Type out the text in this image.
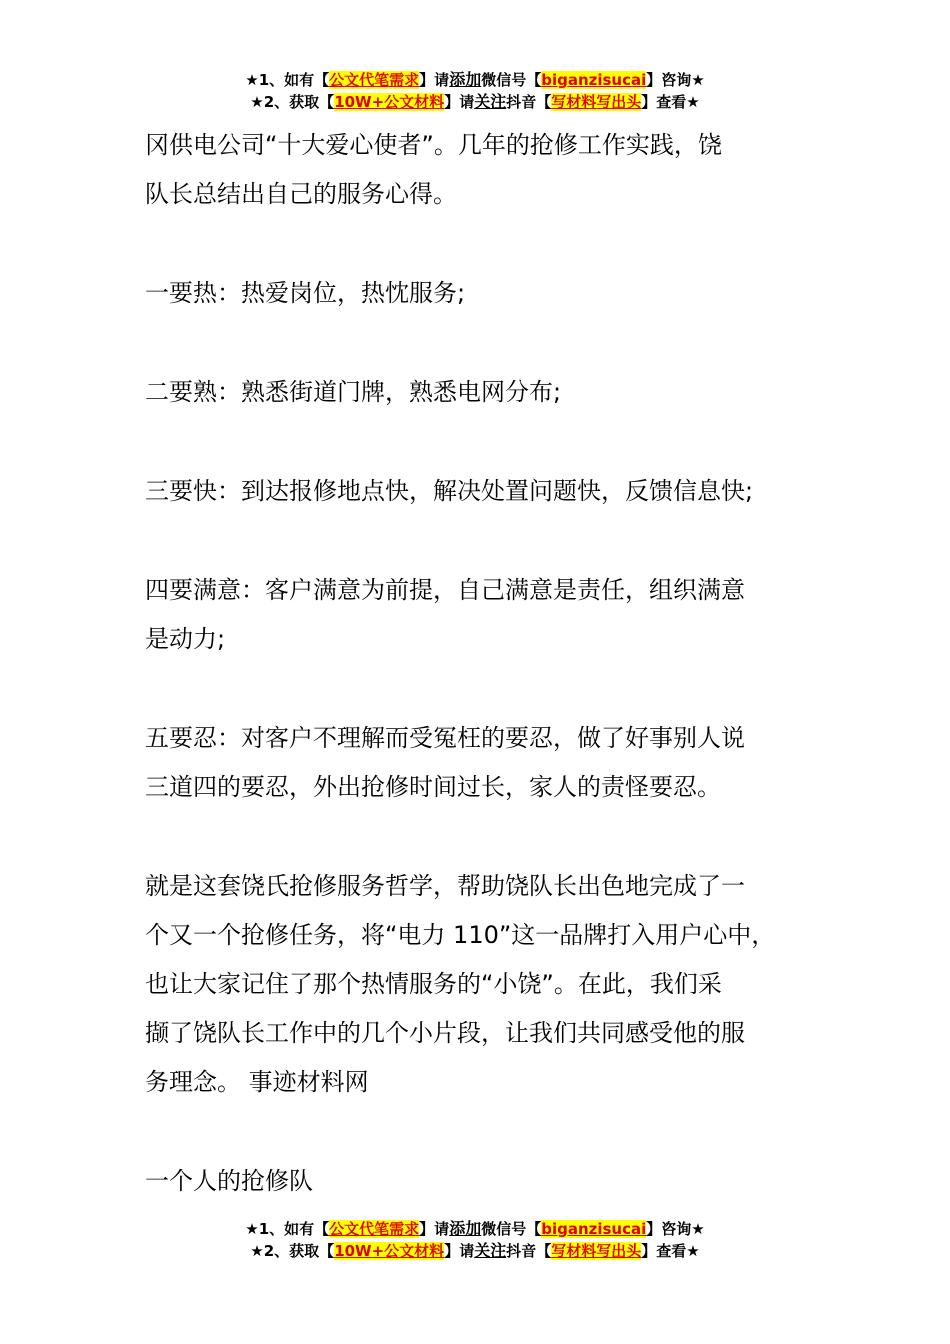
★1、如有【公文代笔需求】请添加微信号【biganzisucai】咨询★
★2、获取【10W+公文材料】请关注抖音【写材料写出头】查看★

冈供电公司“十大爱心使者”。几年的抢修工作实践，饶

队长总结出自己的服务心得。

一要热：热爱岗位，热忱服务;

二要熟：熟悉街道门牌，熟悉电网分布;

三要快：到达报修地点快，解决处置问题快，反馈信息快;

四要满意：客户满意为前提，自己满意是责任，组织满意

是动力;

五要忍：对客户不理解而受冤枉的要忍，做了好事别人说

三道四的要忍，外出抢修时间过长，家人的责怪要忍。

就是这套饶氏抢修服务哲学，帮助饶队长出色地完成了一

个又一个抢修任务，将“电力 110”这一品牌打入用户心中，

也让大家记住了那个热情服务的“小饶”。在此，我们采

撷了饶队长工作中的几个小片段，让我们共同感受他的服

务理念。 事迹材料网

一个人的抢修队

★1、如有【公文代笔需求】请添加微信号【biganzisucai】咨询★
★2、获取【10W+公文材料】请关注抖音【写材料写出头】查看★
